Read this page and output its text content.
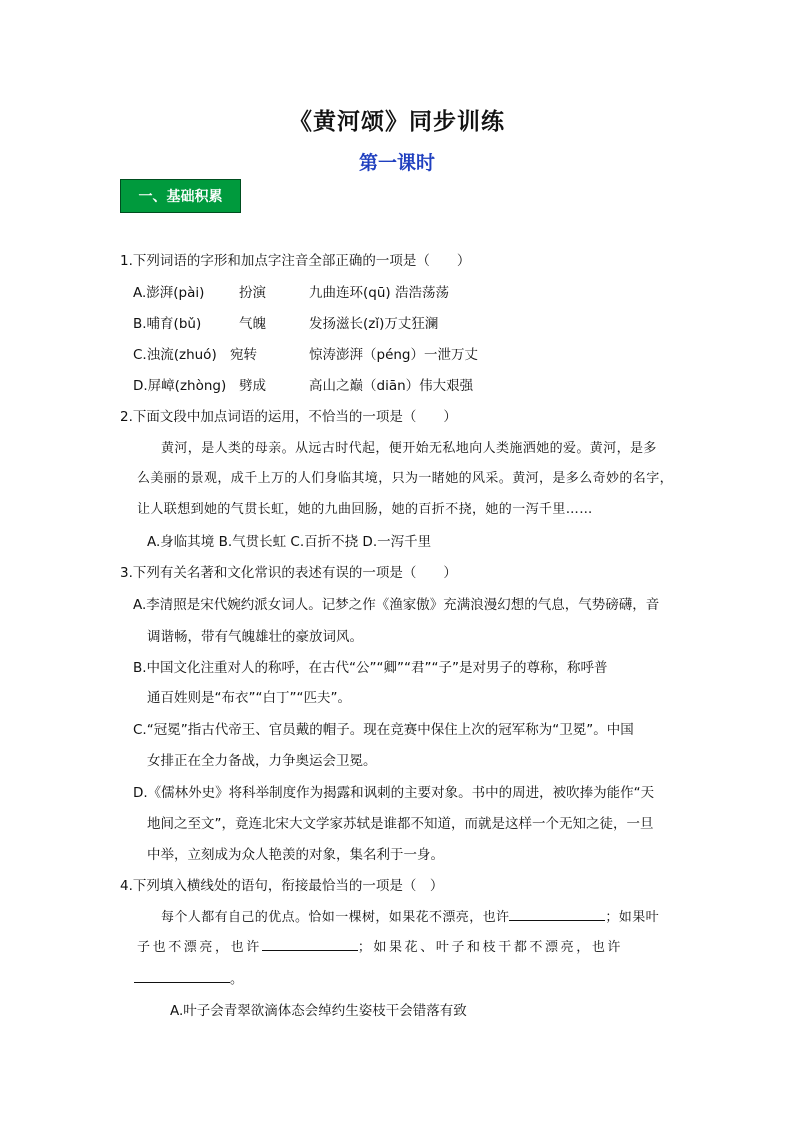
《黄河颂》同步训练
第一课时
一、基础积累
1.下列词语的字形和加点字注音全部正确的一项是（　　）
A.澎湃(pài)	扮演	九曲连环(qū) 浩浩荡荡
B.哺育(bǔ)	气魄	发扬滋长(zǐ)万丈狂澜
C.浊流(zhuó) 宛转	惊涛澎湃（péng）一泄万丈
D.屏嶂(zhòng) 劈成	高山之巅（diān）伟大艰强
2.下面文段中加点词语的运用，不恰当的一项是（　　）
黄河，是人类的母亲。从远古时代起，便开始无私地向人类施洒她的爱。黄河，是多
么美丽的景观，成千上万的人们身临其境，只为一睹她的风采。黄河，是多么奇妙的名字，
让人联想到她的气贯长虹，她的九曲回肠，她的百折不挠，她的一泻千里……
A.身临其境 B.气贯长虹 C.百折不挠 D.一泻千里
3.下列有关名著和文化常识的表述有误的一项是（　　）
A.李清照是宋代婉约派女词人。记梦之作《渔家傲》充满浪漫幻想的气息，气势磅礴，音
调谐畅，带有气魄雄壮的豪放词风。
B.中国文化注重对人的称呼，在古代“公”“卿”“君”“子”是对男子的尊称，称呼普
通百姓则是“布衣”“白丁”“匹夫”。
C.“冠冕”指古代帝王、官员戴的帽子。现在竞赛中保住上次的冠军称为“卫冕”。中国
女排正在全力备战，力争奥运会卫冕。
D.《儒林外史》将科举制度作为揭露和讽刺的主要对象。书中的周进，被吹捧为能作“天
地间之至文”，竟连北宋大文学家苏轼是谁都不知道，而就是这样一个无知之徒，一旦
中举，立刻成为众人艳羡的对象，集名利于一身。
4.下列填入横线处的语句，衔接最恰当的一项是（　）
每个人都有自己的优点。恰如一棵树，如果花不漂亮，也许	；如果叶
子也不漂亮，也许	；如果花、叶子和枝干都不漂亮，也许
。
A.叶子会青翠欲滴体态会绰约生姿枝干会错落有致
